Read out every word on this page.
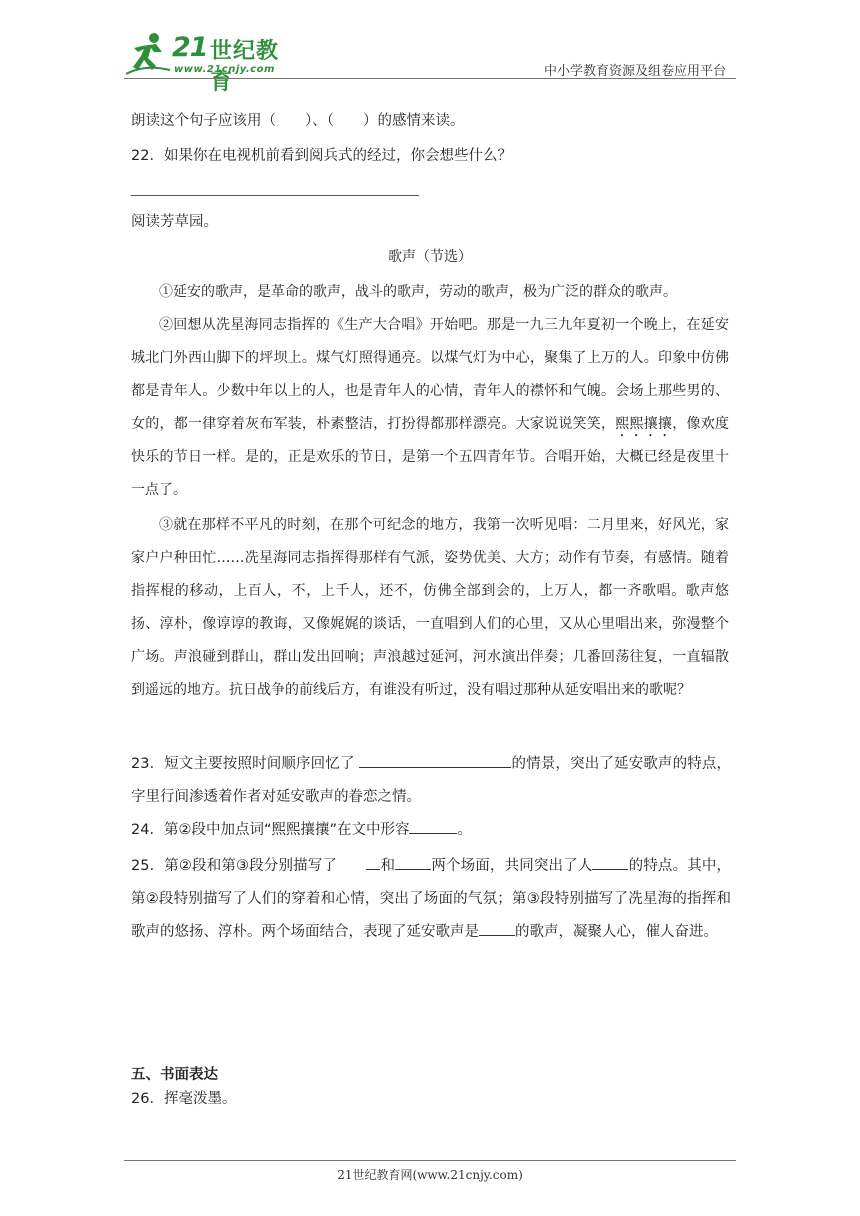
21 世纪教育
www.21cnjy.com	中小学教育资源及组卷应用平台
朗读这个句子应该用（　　）、（　　）的感情来读。
22．如果你在电视机前看到阅兵式的经过，你会想些什么？
阅读芳草园。
歌声（节选）
①延安的歌声，是革命的歌声，战斗的歌声，劳动的歌声，极为广泛的群众的歌声。
②回想从冼星海同志指挥的《生产大合唱》开始吧。那是一九三九年夏初一个晚上，在延安城北门外西山脚下的坪坝上。煤气灯照得通亮。以煤气灯为中心，聚集了上万的人。印象中仿佛都是青年人。少数中年以上的人，也是青年人的心情，青年人的襟怀和气魄。会场上那些男的、女的，都一律穿着灰布军装，朴素整洁，打扮得都那样漂亮。大家说说笑笑，熙熙攘攘，像欢度快乐的节日一样。是的，正是欢乐的节日，是第一个五四青年节。合唱开始，大概已经是夜里十一点了。
③就在那样不平凡的时刻，在那个可纪念的地方，我第一次听见唱：二月里来，好风光，家家户户种田忙……冼星海同志指挥得那样有气派，姿势优美、大方；动作有节奏，有感情。随着指挥棍的移动，上百人，不，上千人，还不，仿佛全部到会的，上万人，都一齐歌唱。歌声悠扬、淳朴，像谆谆的教诲，又像娓娓的谈话，一直唱到人们的心里，又从心里唱出来，弥漫整个广场。声浪碰到群山，群山发出回响；声浪越过延河，河水演出伴奏；几番回荡往复，一直辐散到遥远的地方。抗日战争的前线后方，有谁没有听过，没有唱过那种从延安唱出来的歌呢？
23．短文主要按照时间顺序回忆了	的情景，突出了延安歌声的特点，字里行间渗透着作者对延安歌声的眷恋之情。
24．第②段中加点词“熙熙攘攘”在文中形容	。
25．第②段和第③段分别描写了　　和 两个场面，共同突出了人 的特点。其中，第②段特别描写了人们的穿着和心情，突出了场面的气氛；第③段特别描写了冼星海的指挥和歌声的悠扬、淳朴。两个场面结合，表现了延安歌声是 的歌声，凝聚人心，催人奋进。
五、书面表达
26．挥毫泼墨。
21世纪教育网(www.21cnjy.com)
